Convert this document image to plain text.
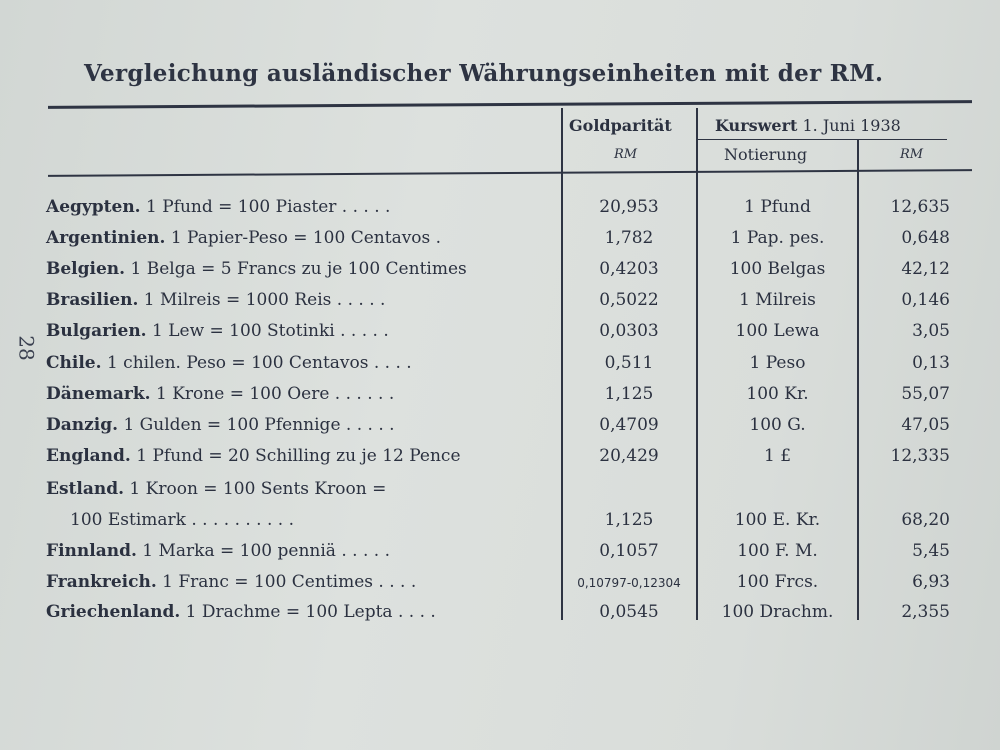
28
Vergleichung ausländischer Währungseinheiten mit der RM.
Goldparität
RM
Kurswert 1. Juni 1938
Notierung	RM
Aegypten. 1 Pfund = 100 Piaster . . . . .	20,953	1 Pfund	12,635
Argentinien. 1 Papier-Peso = 100 Centavos .	1,782	1 Pap. pes.	0,648
Belgien. 1 Belga = 5 Francs zu je 100 Centimes	0,4203	100 Belgas	42,12
Brasilien. 1 Milreis = 1000 Reis . . . . .	0,5022	1 Milreis	0,146
Bulgarien. 1 Lew = 100 Stotinki . . . . .	0,0303	100 Lewa	3,05
Chile. 1 chilen. Peso = 100 Centavos . . . .	0,511	1 Peso	0,13
Dänemark. 1 Krone = 100 Oere . . . . . .	1,125	100 Kr.	55,07
Danzig. 1 Gulden = 100 Pfennige . . . . .	0,4709	100 G.	47,05
England. 1 Pfund = 20 Schilling zu je 12 Pence	20,429	1 £	12,335
Estland. 1 Kroon = 100 Sents Kroon =
100 Estimark . . . . . . . . . .	1,125	100 E. Kr.	68,20
Finnland. 1 Marka = 100 penniä . . . . .	0,1057	100 F. M.	5,45
Frankreich. 1 Franc = 100 Centimes . . . .	0,10797-0,12304	100 Frcs.	6,93
Griechenland. 1 Drachme = 100 Lepta . . . .	0,0545	100 Drachm.	2,355
